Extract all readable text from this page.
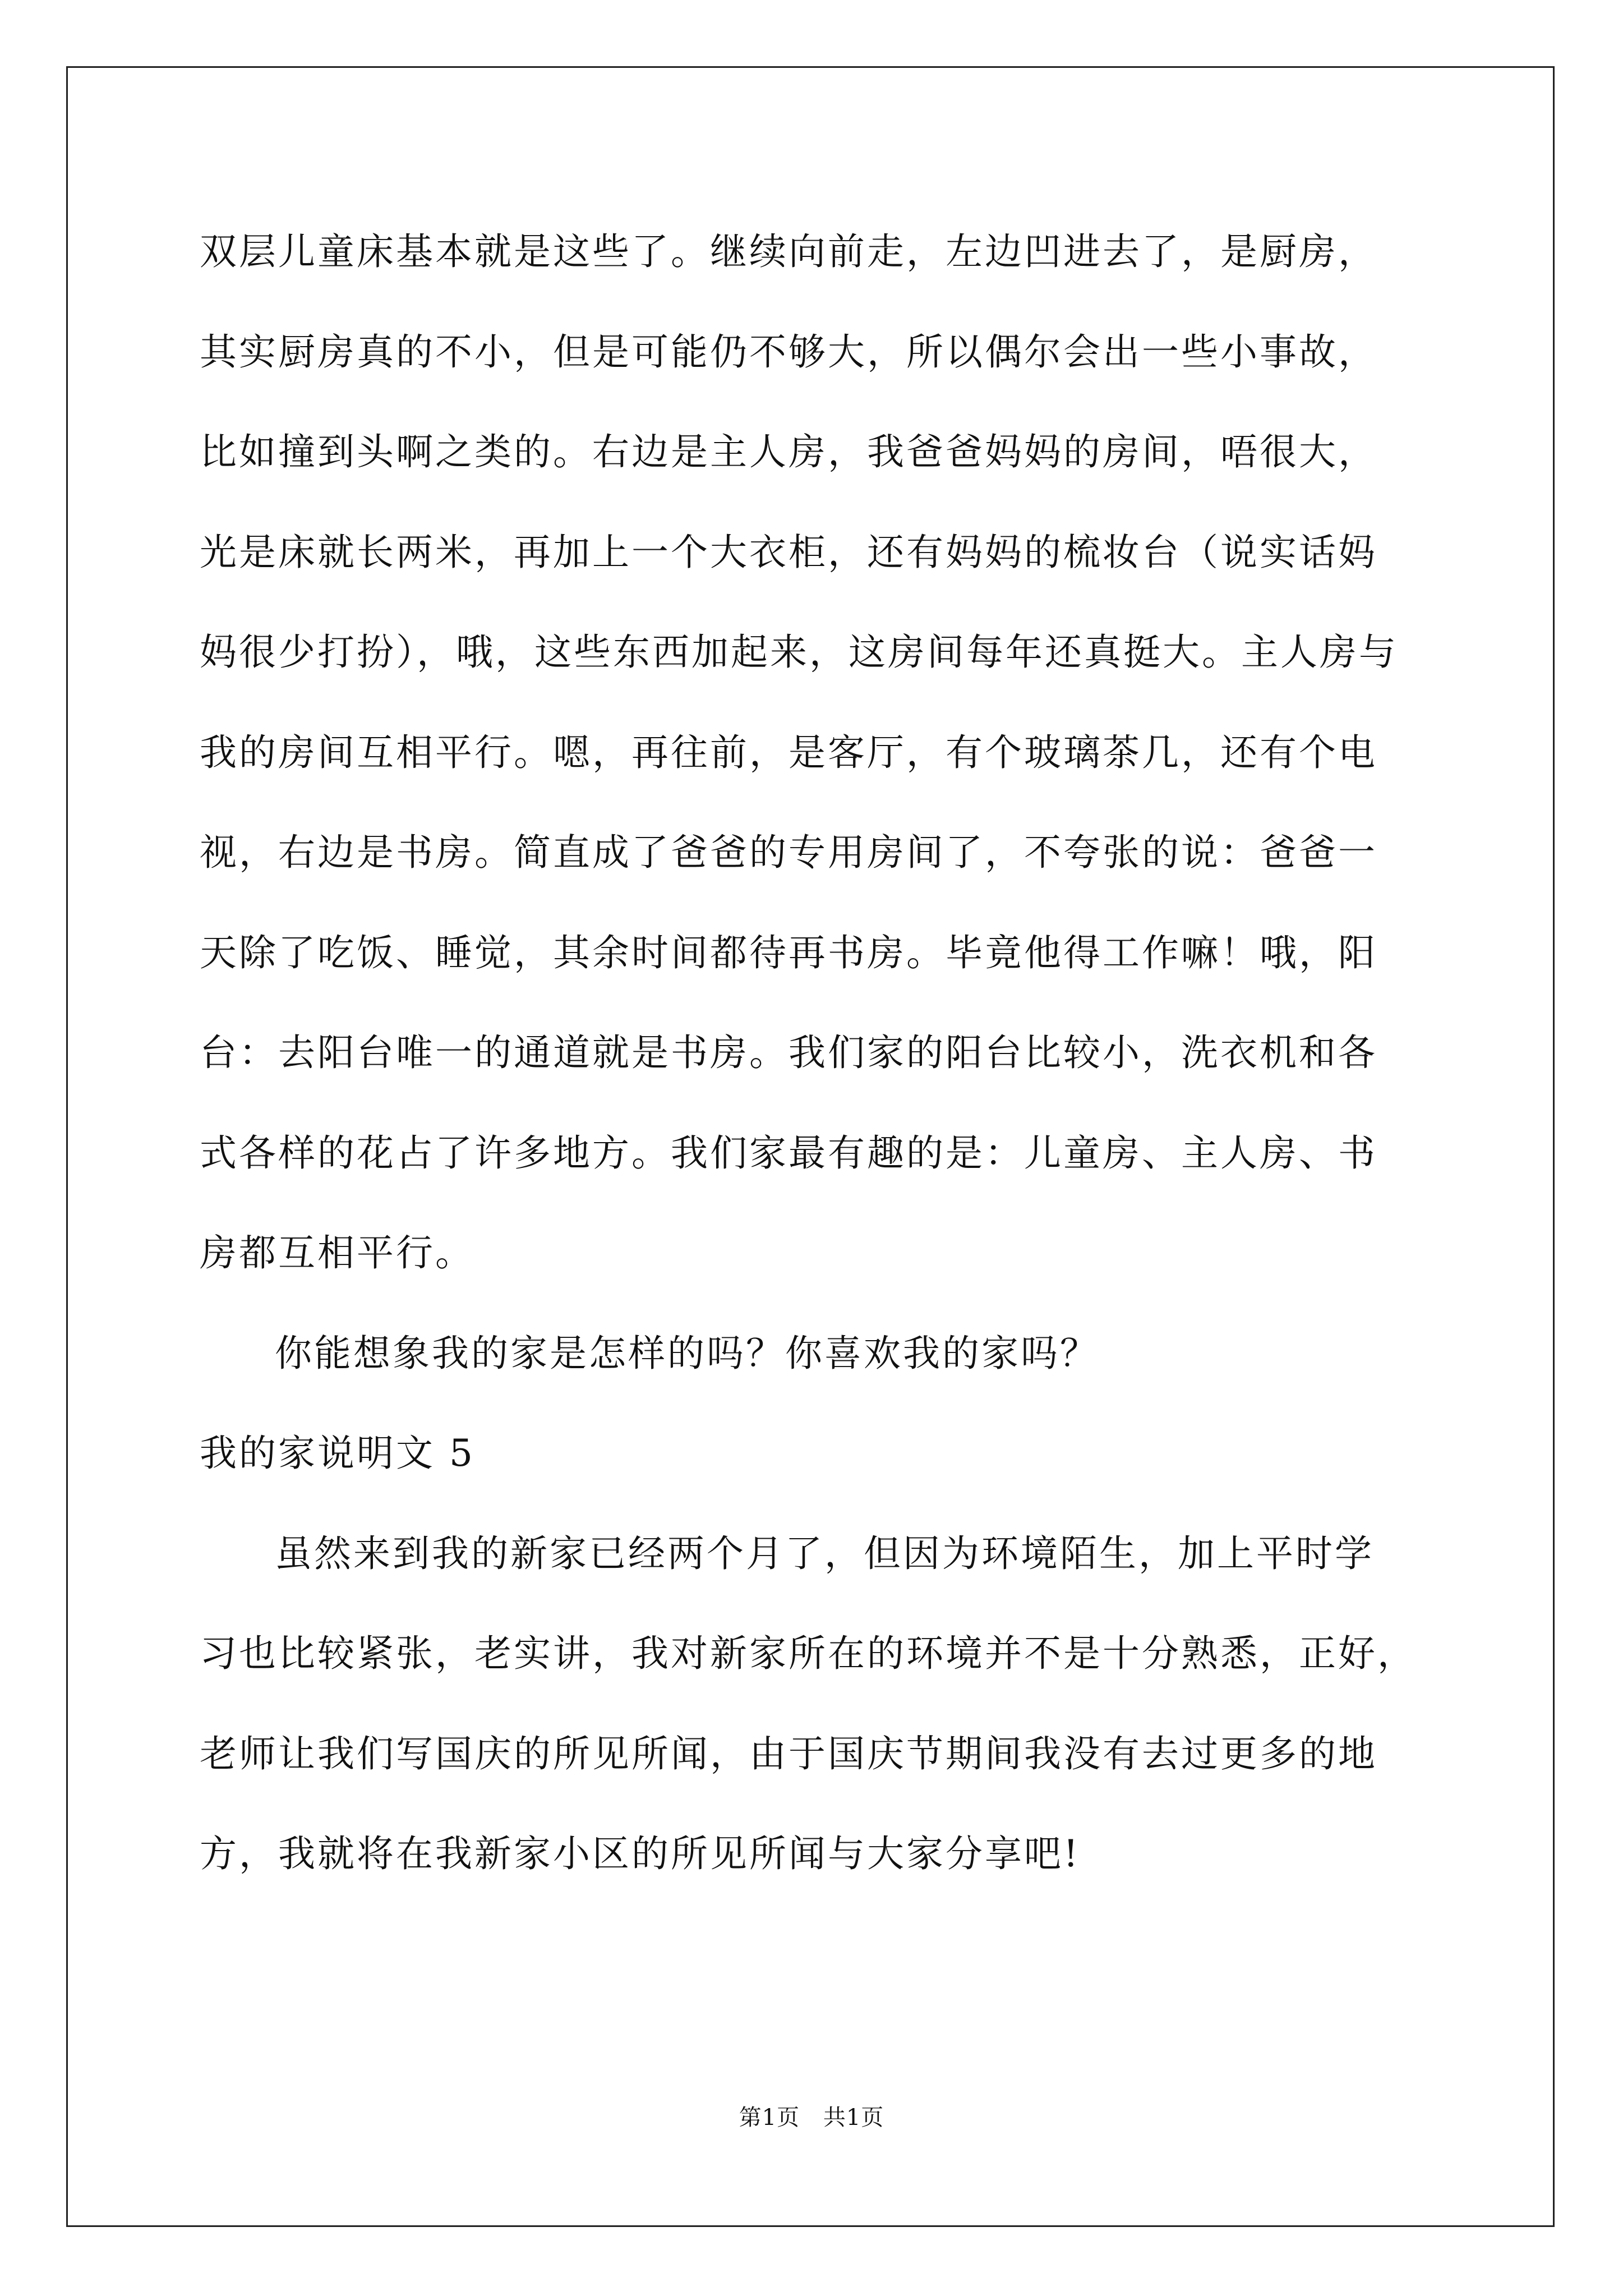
双层儿童床基本就是这些了。继续向前走，左边凹进去了，是厨房，
其实厨房真的不小，但是可能仍不够大，所以偶尔会出一些小事故，
比如撞到头啊之类的。右边是主人房，我爸爸妈妈的房间，唔很大，
光是床就长两米，再加上一个大衣柜，还有妈妈的梳妆台（说实话妈
妈很少打扮），哦，这些东西加起来，这房间每年还真挺大。主人房与
我的房间互相平行。嗯，再往前，是客厅，有个玻璃茶几，还有个电
视，右边是书房。简直成了爸爸的专用房间了，不夸张的说：爸爸一
天除了吃饭、睡觉，其余时间都待再书房。毕竟他得工作嘛！哦，阳
台：去阳台唯一的通道就是书房。我们家的阳台比较小，洗衣机和各
式各样的花占了许多地方。我们家最有趣的是：儿童房、主人房、书
房都互相平行。
你能想象我的家是怎样的吗？你喜欢我的家吗？
我的家说明文 5
虽然来到我的新家已经两个月了，但因为环境陌生，加上平时学
习也比较紧张，老实讲，我对新家所在的环境并不是十分熟悉，正好，
老师让我们写国庆的所见所闻，由于国庆节期间我没有去过更多的地
方，我就将在我新家小区的所见所闻与大家分享吧!
第1页 共1页
